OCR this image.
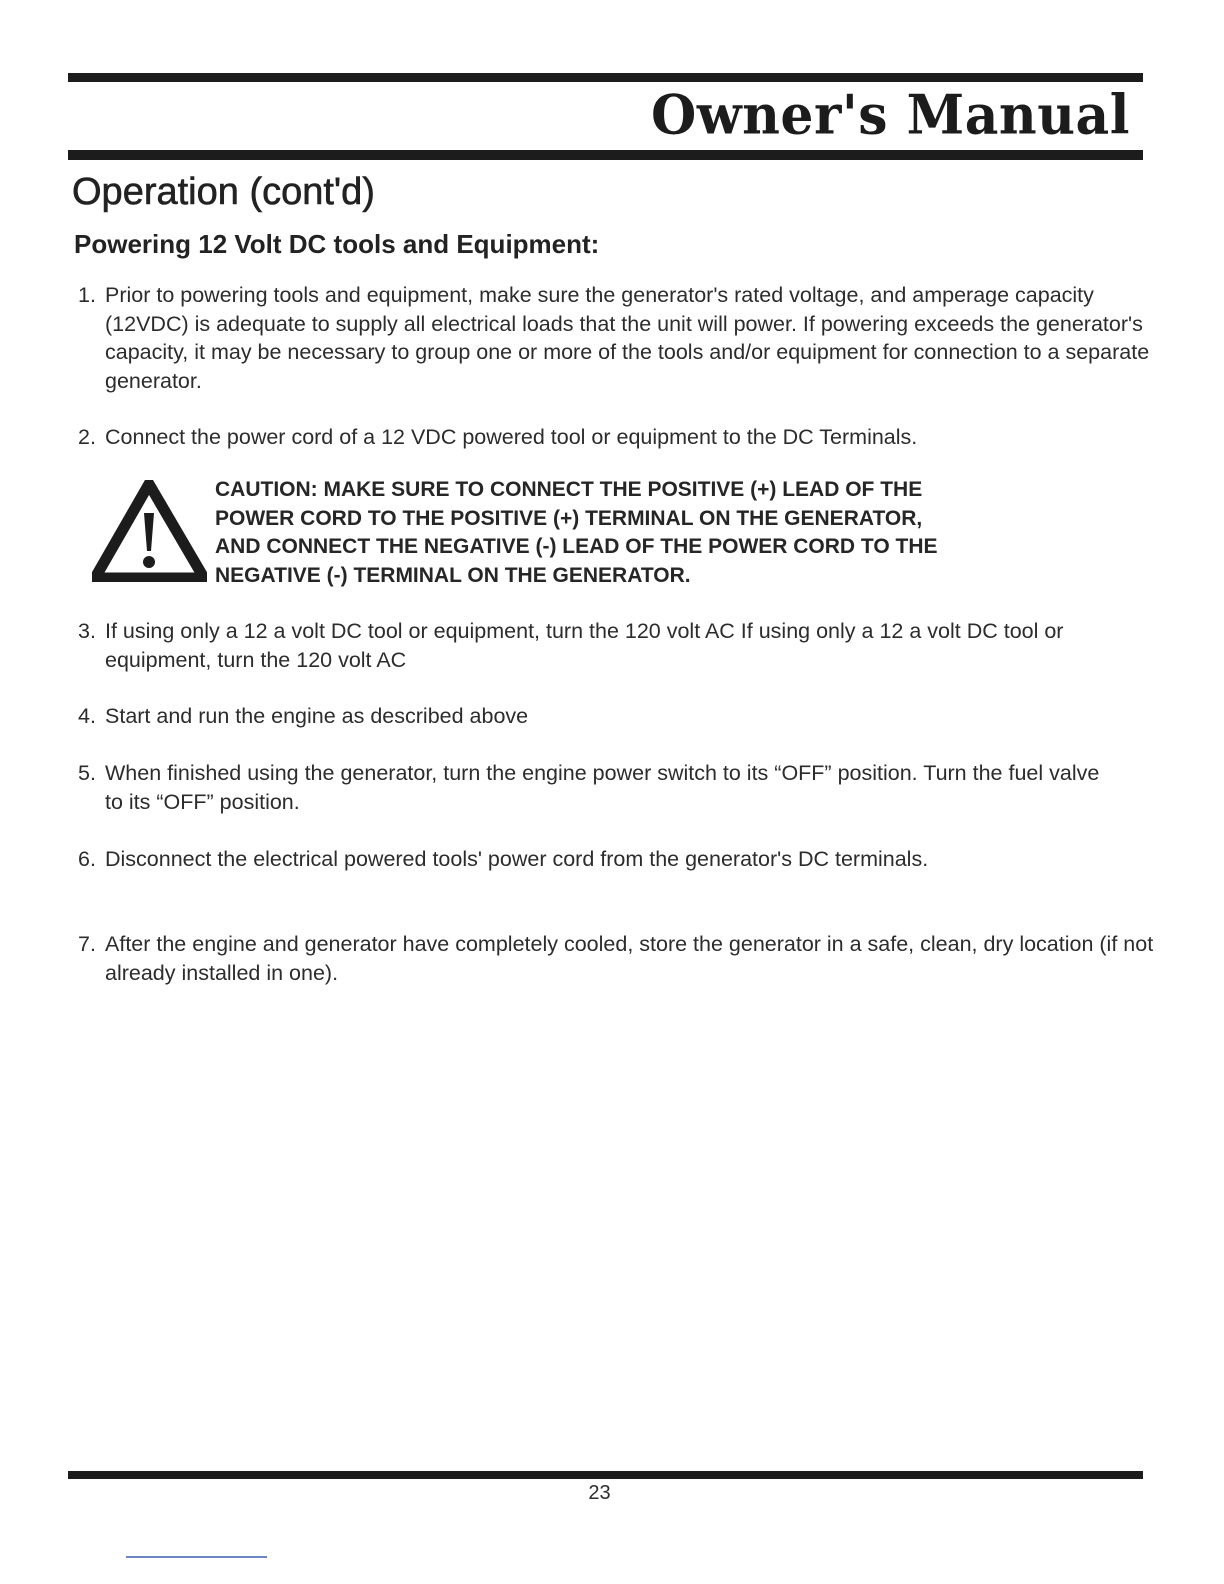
Owner's Manual
Operation (cont'd)
Powering 12 Volt DC tools and Equipment:
1. Prior to powering tools and equipment, make sure the generator's rated voltage, and amperage capacity (12VDC) is adequate to supply all electrical loads that the unit will power. If powering exceeds the generator's capacity, it may be necessary to group one or more of the tools and/or equipment for connection to a separate generator.
2. Connect the power cord of a 12 VDC powered tool or equipment to the DC Terminals.
CAUTION: MAKE SURE TO CONNECT THE POSITIVE (+) LEAD OF THE
POWER CORD TO THE POSITIVE (+) TERMINAL ON THE GENERATOR,
AND CONNECT THE NEGATIVE (-) LEAD OF THE POWER CORD TO THE
NEGATIVE (-) TERMINAL ON THE GENERATOR.
3. If using only a 12 a volt DC tool or equipment, turn the 120 volt AC If using only a 12 a volt DC tool or equipment, turn the 120 volt AC
4. Start and run the engine as described above
5. When finished using the generator, turn the engine power switch to its “OFF” position. Turn the fuel valve to its “OFF” position.
6. Disconnect the electrical powered tools' power cord from the generator's DC terminals.
7. After the engine and generator have completely cooled, store the generator in a safe, clean, dry location (if not already installed in one).
23
